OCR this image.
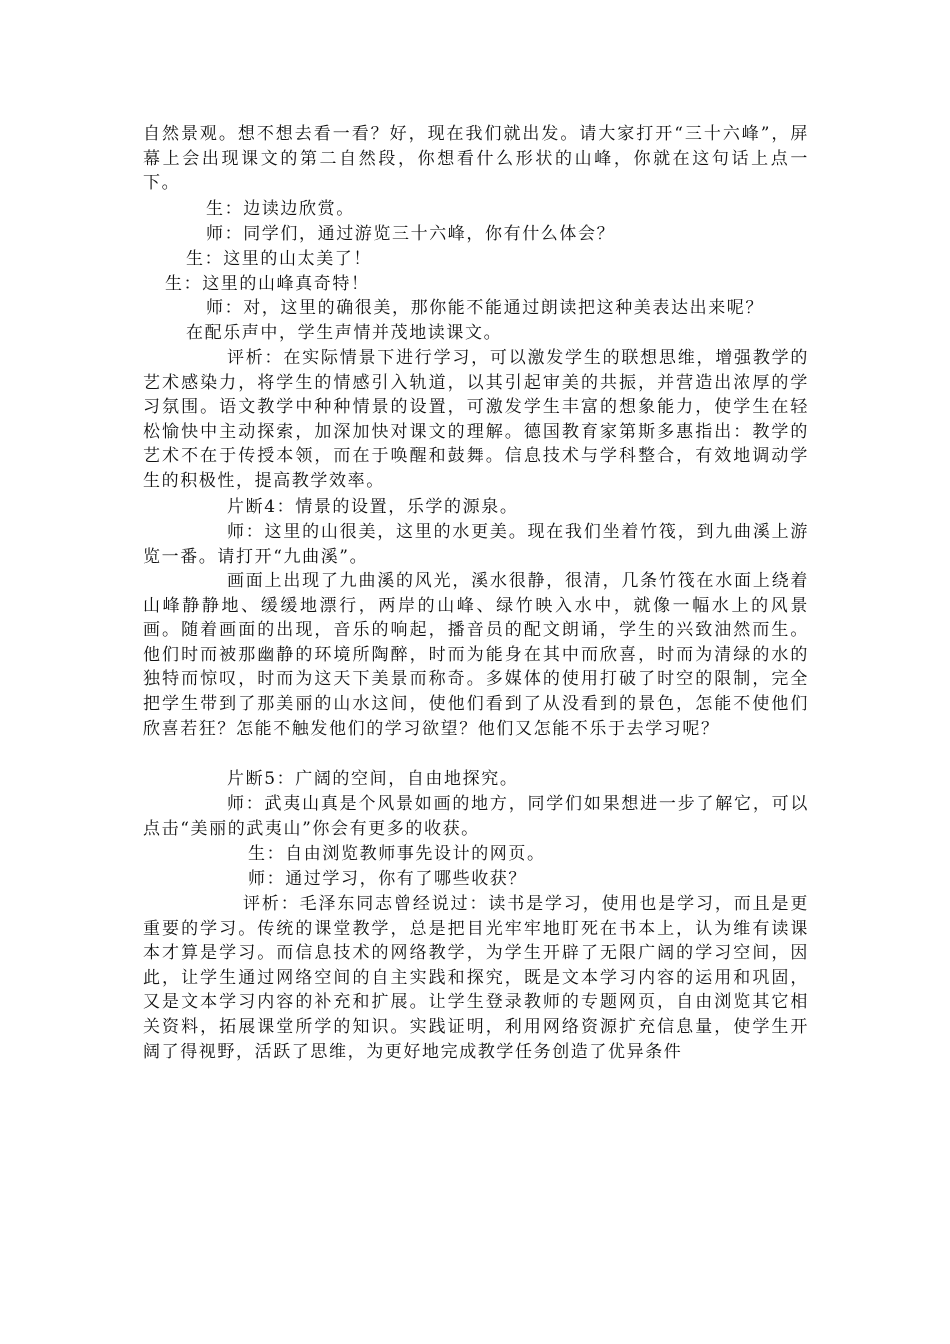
自然景观。想不想去看一看？好，现在我们就出发。请大家打开“三十六峰”，屏幕上会出现课文的第二自然段，你想看什么形状的山峰，你就在这句话上点一下。

生：边读边欣赏。

师：同学们，通过游览三十六峰，你有什么体会？

生：这里的山太美了！

生：这里的山峰真奇特！

师：对，这里的确很美，那你能不能通过朗读把这种美表达出来呢？

在配乐声中，学生声情并茂地读课文。

评析：在实际情景下进行学习，可以激发学生的联想思维，增强教学的艺术感染力，将学生的情感引入轨道，以其引起审美的共振，并营造出浓厚的学习氛围。语文教学中种种情景的设置，可激发学生丰富的想象能力，使学生在轻松愉快中主动探索，加深加快对课文的理解。德国教育家第斯多惠指出：教学的艺术不在于传授本领，而在于唤醒和鼓舞。信息技术与学科整合，有效地调动学生的积极性，提高教学效率。

片断4：情景的设置，乐学的源泉。

师：这里的山很美，这里的水更美。现在我们坐着竹筏，到九曲溪上游览一番。请打开“九曲溪”。

画面上出现了九曲溪的风光，溪水很静，很清，几条竹筏在水面上绕着山峰静静地、缓缓地漂行，两岸的山峰、绿竹映入水中，就像一幅水上的风景画。随着画面的出现，音乐的响起，播音员的配文朗诵，学生的兴致油然而生。他们时而被那幽静的环境所陶醉，时而为能身在其中而欣喜，时而为清绿的水的独特而惊叹，时而为这天下美景而称奇。多媒体的使用打破了时空的限制，完全把学生带到了那美丽的山水这间，使他们看到了从没看到的景色，怎能不使他们欣喜若狂？怎能不触发他们的学习欲望？他们又怎能不乐于去学习呢？

片断5：广阔的空间，自由地探究。

师：武夷山真是个风景如画的地方，同学们如果想进一步了解它，可以点击“美丽的武夷山”你会有更多的收获。

生：自由浏览教师事先设计的网页。

师：通过学习，你有了哪些收获？

评析：毛泽东同志曾经说过：读书是学习，使用也是学习，而且是更重要的学习。传统的课堂教学，总是把目光牢牢地盯死在书本上，认为维有读课本才算是学习。而信息技术的网络教学，为学生开辟了无限广阔的学习空间，因此，让学生通过网络空间的自主实践和探究，既是文本学习内容的运用和巩固，又是文本学习内容的补充和扩展。让学生登录教师的专题网页，自由浏览其它相关资料，拓展课堂所学的知识。实践证明，利用网络资源扩充信息量，使学生开阔了得视野，活跃了思维，为更好地完成教学任务创造了优异条件
